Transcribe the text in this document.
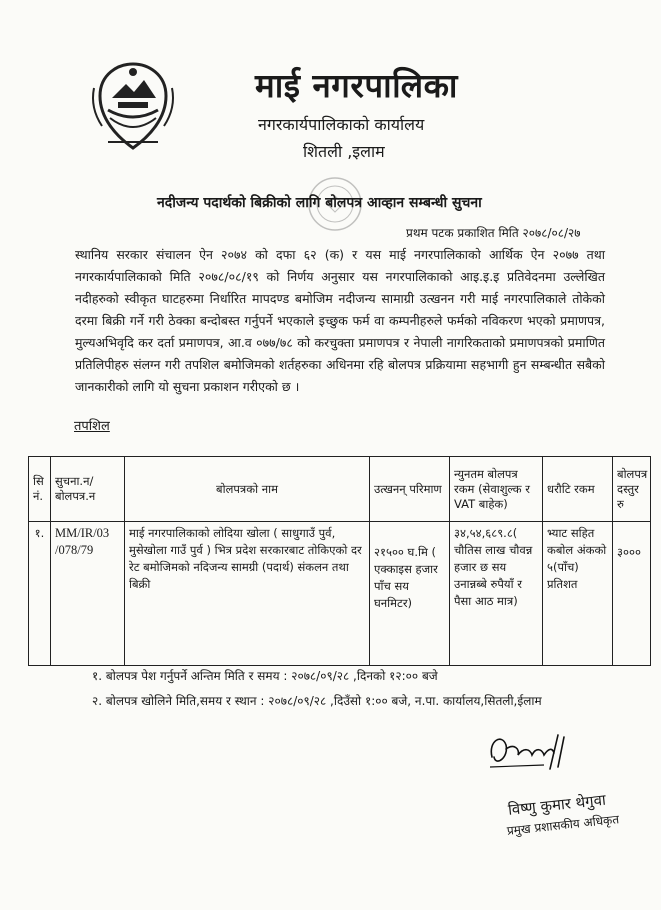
माई नगरपालिका
नगरकार्यपालिकाको कार्यालय
शितली ,इलाम
नदीजन्य पदार्थको बिक्रीको लागि बोलपत्र आव्हान सम्बन्धी सुचना
प्रथम पटक प्रकाशित मिति २०७८/०८/२७
स्थानिय सरकार संचालन ऐन २०७४ को दफा ६२ (क) र यस माई नगरपालिकाको आर्थिक ऐन २०७७ तथा नगरकार्यपालिकाको मिति २०७८/०८/१९ को निर्णय अनुसार यस नगरपालिकाको आइ.इ.इ प्रतिवेदनमा उल्लेखित नदीहरुको स्वीकृत घाटहरुमा निर्धारित मापदण्ड बमोजिम नदीजन्य सामाग्री उत्खनन गरी माई नगरपालिकाले तोकेको दरमा बिक्री गर्ने गरी ठेक्का बन्दोबस्त गर्नुपर्ने भएकाले इच्छुक फर्म वा कम्पनीहरुले फर्मको नविकरण भएको प्रमाणपत्र, मुल्यअभिवृदि कर दर्ता प्रमाणपत्र, आ.व ०७७/७८ को करचुक्ता प्रमाणपत्र र नेपाली नागरिकताको प्रमाणपत्रको प्रमाणित प्रतिलिपीहरु संलग्न गरी तपशिल बमोजिमको शर्तहरुका अधिनमा रहि बोलपत्र प्रक्रियामा सहभागी हुन सम्बन्धीत सबैको जानकारीको लागि यो सुचना प्रकाशन गरीएको छ ।
तपशिल
सि नं.	सुचना.न/ बोलपत्र.न	बोलपत्रको नाम	उत्खनन् परिमाण	न्युनतम बोलपत्र रकम (सेवाशुल्क र VAT बाहेक)	धरौटि रकम	बोलपत्र दस्तुर रु
१.	MM/IR/03 /078/79	माई नगरपालिकाको लोदिया खोला ( साधुगाउँ पुर्व, मुसेखोला गाउँ पुर्व ) भित्र प्रदेश सरकारबाट तोकिएको दर रेट बमोजिमको नदिजन्य सामग्री (पदार्थ) संकलन तथा बिक्री	२१५०० घ.मि ( एक्काइस हजार पाँच सय घनमिटर)	३४,५४,६८९.८( चौतिस लाख चौवन्न हजार छ सय उनान्नब्बे रुपैयाँ र पैसा आठ मात्र)	भ्याट सहित कबोल अंकको ५(पाँच) प्रतिशत	३०००
१. बोलपत्र पेश गर्नुपर्ने अन्तिम मिति र समय : २०७८/०९/२८ ,दिनको १२:०० बजे
२. बोलपत्र खोलिने मिति,समय र स्थान : २०७८/०९/२८ ,दिउँसो १:०० बजे, न.पा. कार्यालय,सितली,ईलाम
विष्णु कुमार थेगुवा
प्रमुख प्रशासकीय अधिकृत
